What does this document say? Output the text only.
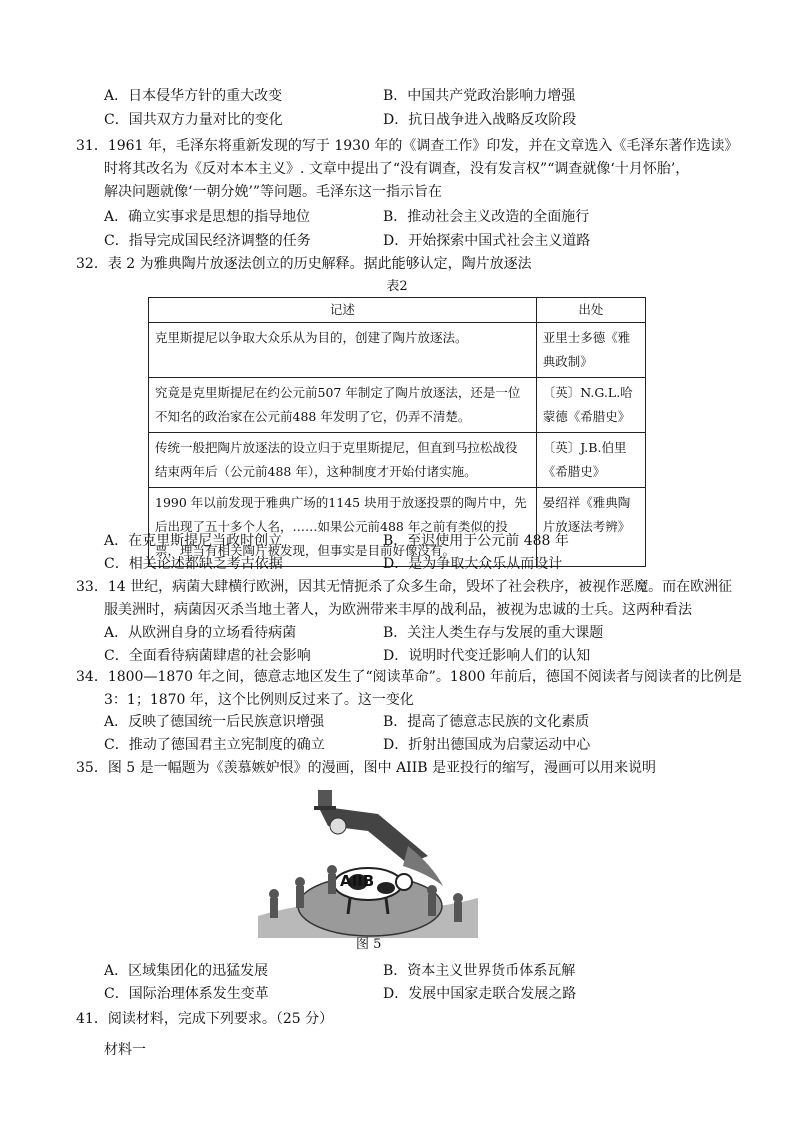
A．日本侵华方针的重大改变	B．中国共产党政治影响力增强
C．国共双方力量对比的变化	D．抗日战争进入战略反攻阶段
31．1961 年，毛泽东将重新发现的写于 1930 年的《调查工作》印发，并在文章选入《毛泽东著作选读》
时将其改名为《反对本本主义》. 文章中提出了“没有调查，没有发言权”“调查就像‘十月怀胎’，
解决问题就像‘一朝分娩’”等问题。毛泽东这一指示旨在
A．确立实事求是思想的指导地位	B．推动社会主义改造的全面施行
C．指导完成国民经济调整的任务	D．开始探索中国式社会主义道路
32．表 2 为雅典陶片放逐法创立的历史解释。据此能够认定，陶片放逐法
表2
记述	出处
克里斯提尼以争取大众乐从为目的，创建了陶片放逐法。	亚里士多德《雅典政制》
究竟是克里斯提尼在约公元前507 年制定了陶片放逐法，还是一位不知名的政治家在公元前488 年发明了它，仍弄不清楚。	〔英〕N.G.L.哈蒙德《希腊史》
传统一般把陶片放逐法的设立归于克里斯提尼，但直到马拉松战役结束两年后（公元前488 年），这种制度才开始付诸实施。	〔英〕J.B.伯里《希腊史》
1990 年以前发现于雅典广场的1145 块用于放逐投票的陶片中，先后出现了五十多个人名，……如果公元前488 年之前有类似的投票，理当有相关陶片被发现，但事实是目前好像没有。	晏绍祥《雅典陶片放逐法考辨》
A．在克里斯提尼当政时创立	B．至迟使用于公元前 488 年
C．相关论述都缺乏考古依据	D．是为争取大众乐从而设计
33．14 世纪，病菌大肆横行欧洲，因其无情扼杀了众多生命，毁坏了社会秩序，被视作恶魔。而在欧洲征
服美洲时，病菌因灭杀当地土著人，为欧洲带来丰厚的战利品，被视为忠诚的士兵。这两种看法
A．从欧洲自身的立场看待病菌	B．关注人类生存与发展的重大课题
C．全面看待病菌肆虐的社会影响	D．说明时代变迁影响人们的认知
34．1800—1870 年之间，德意志地区发生了“阅读革命”。1800 年前后，德国不阅读者与阅读者的比例是
3：1；1870 年，这个比例则反过来了。这一变化
A．反映了德国统一后民族意识增强	B．提高了德意志民族的文化素质
C．推动了德国君主立宪制度的确立	D．折射出德国成为启蒙运动中心
35．图 5 是一幅题为《羡慕嫉妒恨》的漫画，图中 AIIB 是亚投行的缩写，漫画可以用来说明
AIIB
图 5
A．区域集团化的迅猛发展	B．资本主义世界货币体系瓦解
C．国际治理体系发生变革	D．发展中国家走联合发展之路
41．阅读材料，完成下列要求。（25 分）
材料一
